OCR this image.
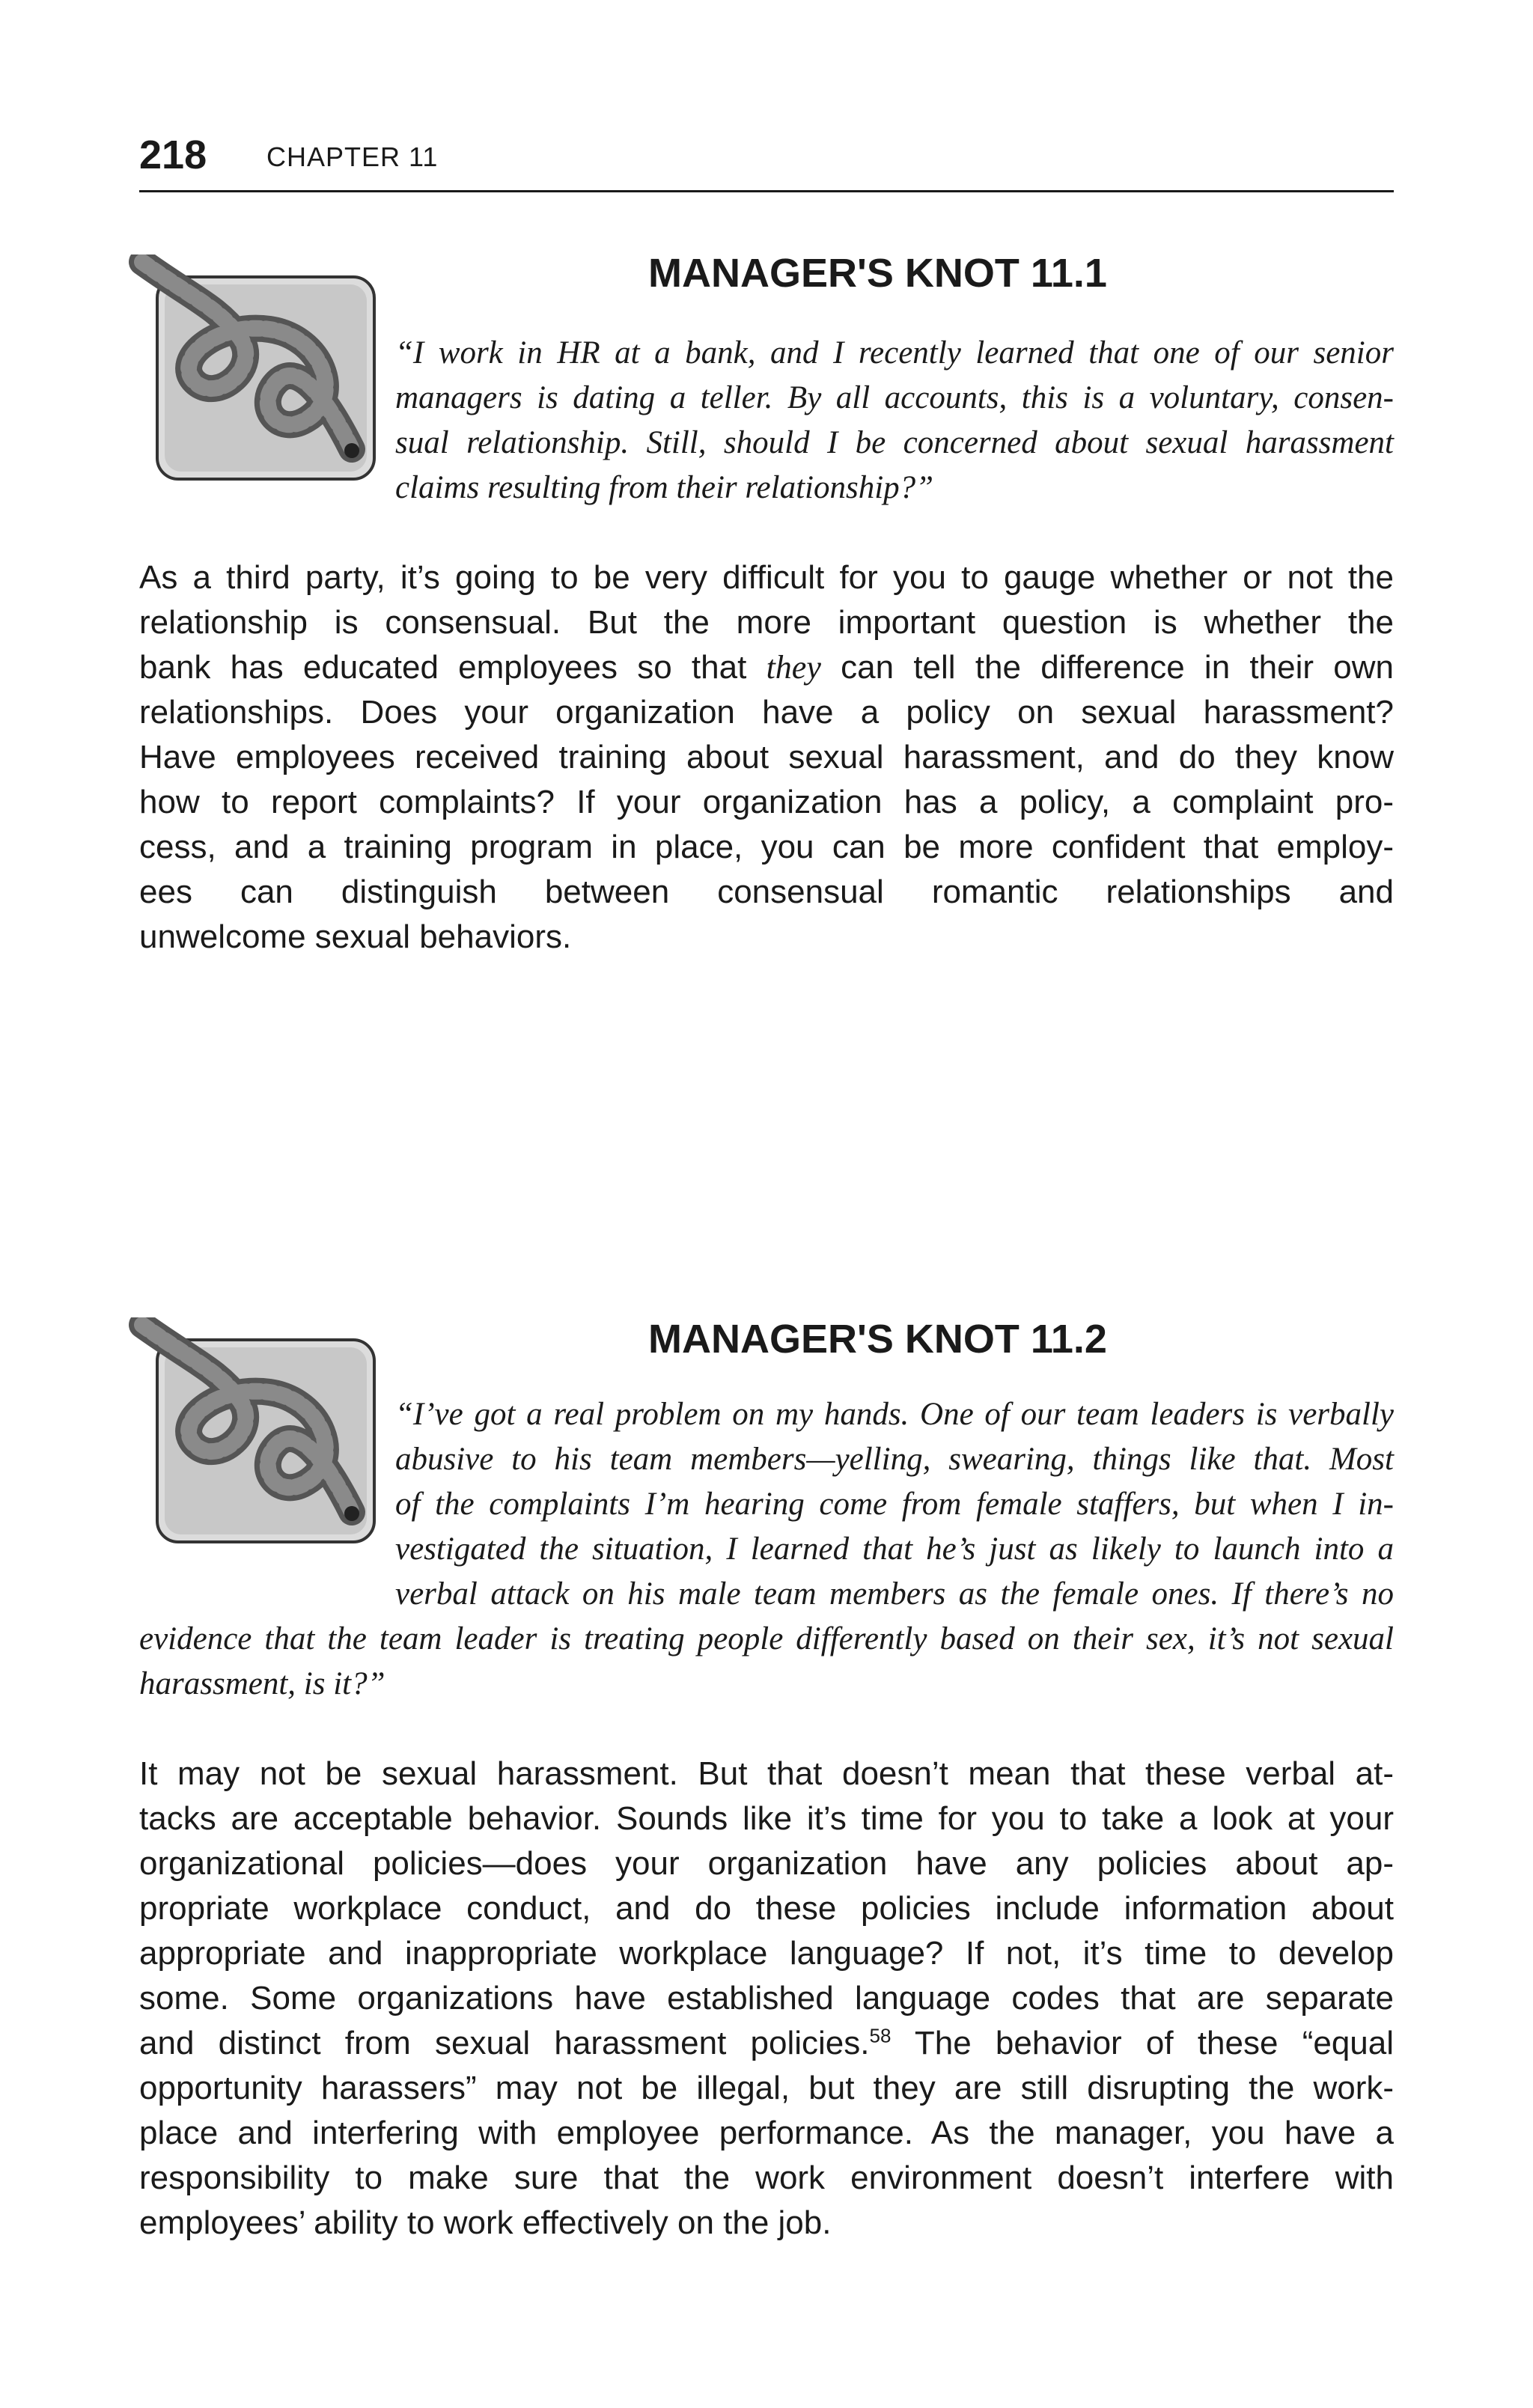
218 CHAPTER 11
MANAGER'S KNOT 11.1
“I work in HR at a bank, and I recently learned that one of our senior
managers is dating a teller. By all accounts, this is a voluntary, consen-
sual relationship. Still, should I be concerned about sexual harassment
claims resulting from their relationship?”
As a third party, it’s going to be very difficult for you to gauge whether or not the
relationship is consensual. But the more important question is whether the
bank has educated employees so that they can tell the difference in their own
relationships. Does your organization have a policy on sexual harassment?
Have employees received training about sexual harassment, and do they know
how to report complaints? If your organization has a policy, a complaint pro-
cess, and a training program in place, you can be more confident that employ-
ees can distinguish between consensual romantic relationships and
unwelcome sexual behaviors.
MANAGER'S KNOT 11.2
“I’ve got a real problem on my hands. One of our team leaders is verbally
abusive to his team members—yelling, swearing, things like that. Most
of the complaints I’m hearing come from female staffers, but when I in-
vestigated the situation, I learned that he’s just as likely to launch into a
verbal attack on his male team members as the female ones. If there’s no
evidence that the team leader is treating people differently based on their sex, it’s not sexual
harassment, is it?”
It may not be sexual harassment. But that doesn’t mean that these verbal at-
tacks are acceptable behavior. Sounds like it’s time for you to take a look at your
organizational policies—does your organization have any policies about ap-
propriate workplace conduct, and do these policies include information about
appropriate and inappropriate workplace language? If not, it’s time to develop
some. Some organizations have established language codes that are separate
and distinct from sexual harassment policies.$^{58}$ The behavior of these “equal
opportunity harassers” may not be illegal, but they are still disrupting the work-
place and interfering with employee performance. As the manager, you have a
responsibility to make sure that the work environment doesn’t interfere with
employees’ ability to work effectively on the job.
